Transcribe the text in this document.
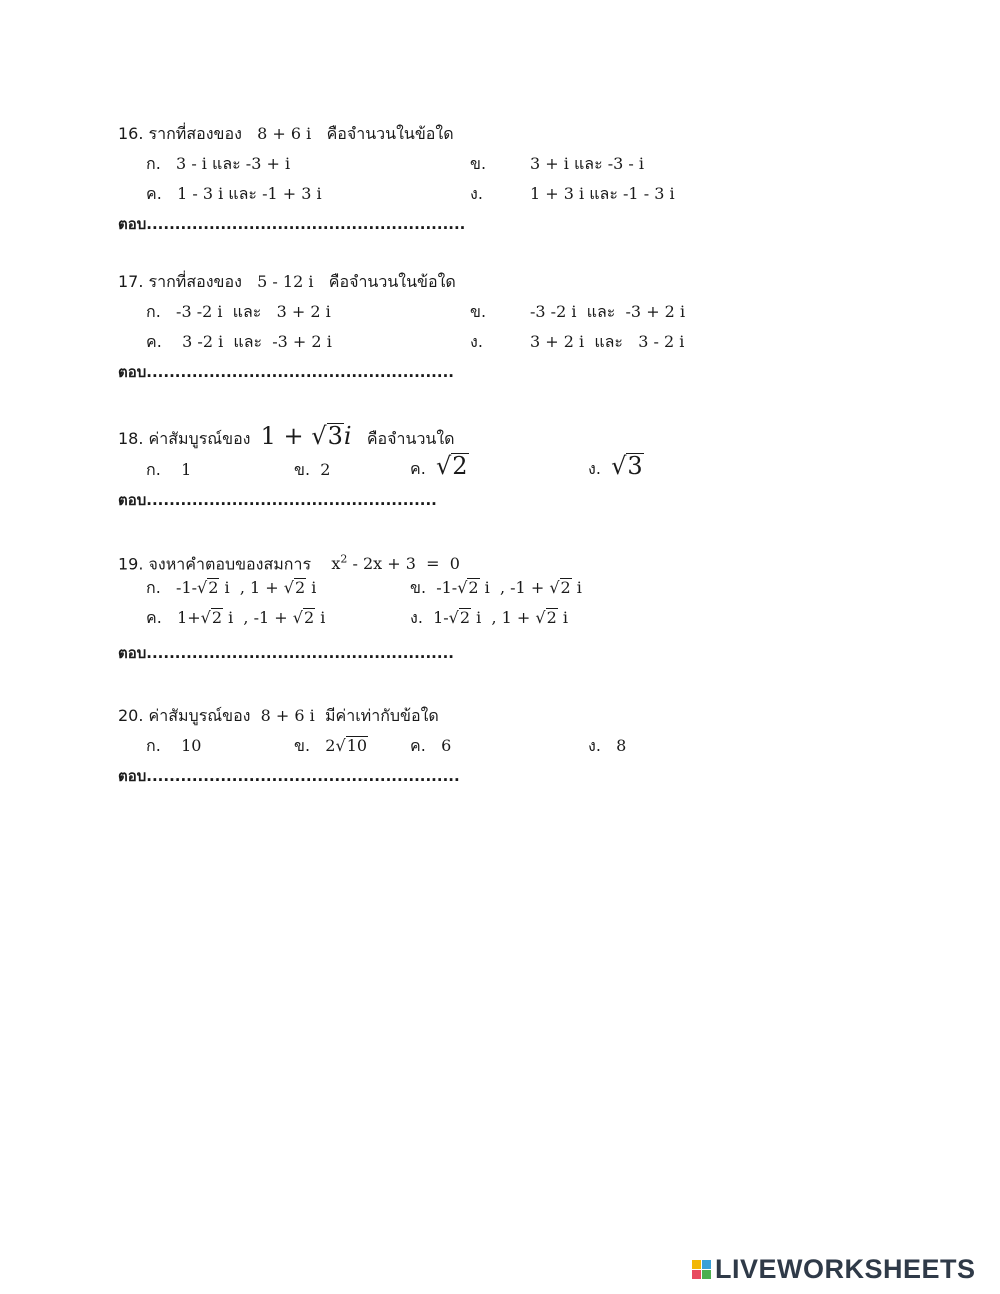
16. รากที่สองของ 8 + 6 i คือจำนวนในข้อใด
ก. 3 - i และ -3 + i	ข.	3 + i และ -3 - i
ค. 1 - 3 i และ -1 + 3 i	ง.	1 + 3 i และ -1 - 3 i
ตอบ........................................................
17. รากที่สองของ 5 - 12 i คือจำนวนในข้อใด
ก. -3 -2 i  และ   3 + 2 i	ข.	-3 -2 i  และ  -3 + 2 i
ค.    3 -2 i  และ  -3 + 2 i	ง.	3 + 2 i  และ   3 - 2 i
ตอบ......................................................
18. ค่าสัมบูรณ์ของ 1 + √3i คือจำนวนใด
ก. 1	ข. 2	ค. √2	ง. √3
ตอบ...................................................
19. จงหาคำตอบของสมการ $x^2 - 2x + 3 = 0$
ก. -1-√2 i  , 1 + √2 i	ข. -1-√2 i  , -1 + √2 i
ค. 1+√2 i  , -1 + √2 i	ง. 1-√2 i  , 1 + √2 i
ตอบ......................................................
20. ค่าสัมบูรณ์ของ 8 + 6 i มีค่าเท่ากับข้อใด
ก. 10	ข. 2√10	ค. 6	ง. 8
ตอบ.......................................................
LIVEWORKSHEETS
